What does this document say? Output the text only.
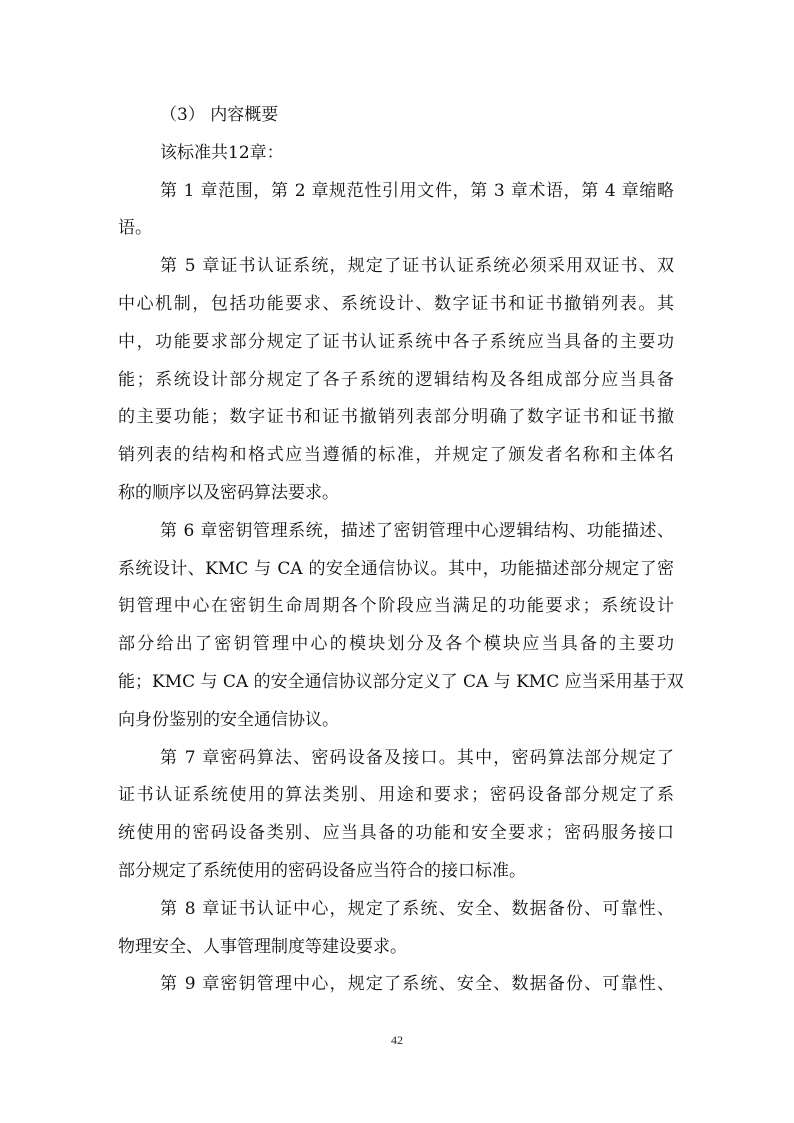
（3） 内容概要
该标准共12章：
第 1 章范围，第 2 章规范性引用文件，第 3 章术语，第 4 章缩略
语。
第 5 章证书认证系统，规定了证书认证系统必须采用双证书、双
中心机制，包括功能要求、系统设计、数字证书和证书撤销列表。其
中，功能要求部分规定了证书认证系统中各子系统应当具备的主要功
能；系统设计部分规定了各子系统的逻辑结构及各组成部分应当具备
的主要功能；数字证书和证书撤销列表部分明确了数字证书和证书撤
销列表的结构和格式应当遵循的标准，并规定了颁发者名称和主体名
称的顺序以及密码算法要求。
第 6 章密钥管理系统，描述了密钥管理中心逻辑结构、功能描述、
系统设计、KMC 与 CA 的安全通信协议。其中，功能描述部分规定了密
钥管理中心在密钥生命周期各个阶段应当满足的功能要求；系统设计
部分给出了密钥管理中心的模块划分及各个模块应当具备的主要功
能；KMC 与 CA 的安全通信协议部分定义了 CA 与 KMC 应当采用基于双
向身份鉴别的安全通信协议。
第 7 章密码算法、密码设备及接口。其中，密码算法部分规定了
证书认证系统使用的算法类别、用途和要求；密码设备部分规定了系
统使用的密码设备类别、应当具备的功能和安全要求；密码服务接口
部分规定了系统使用的密码设备应当符合的接口标准。
第 8 章证书认证中心，规定了系统、安全、数据备份、可靠性、
物理安全、人事管理制度等建设要求。
第 9 章密钥管理中心，规定了系统、安全、数据备份、可靠性、
42
